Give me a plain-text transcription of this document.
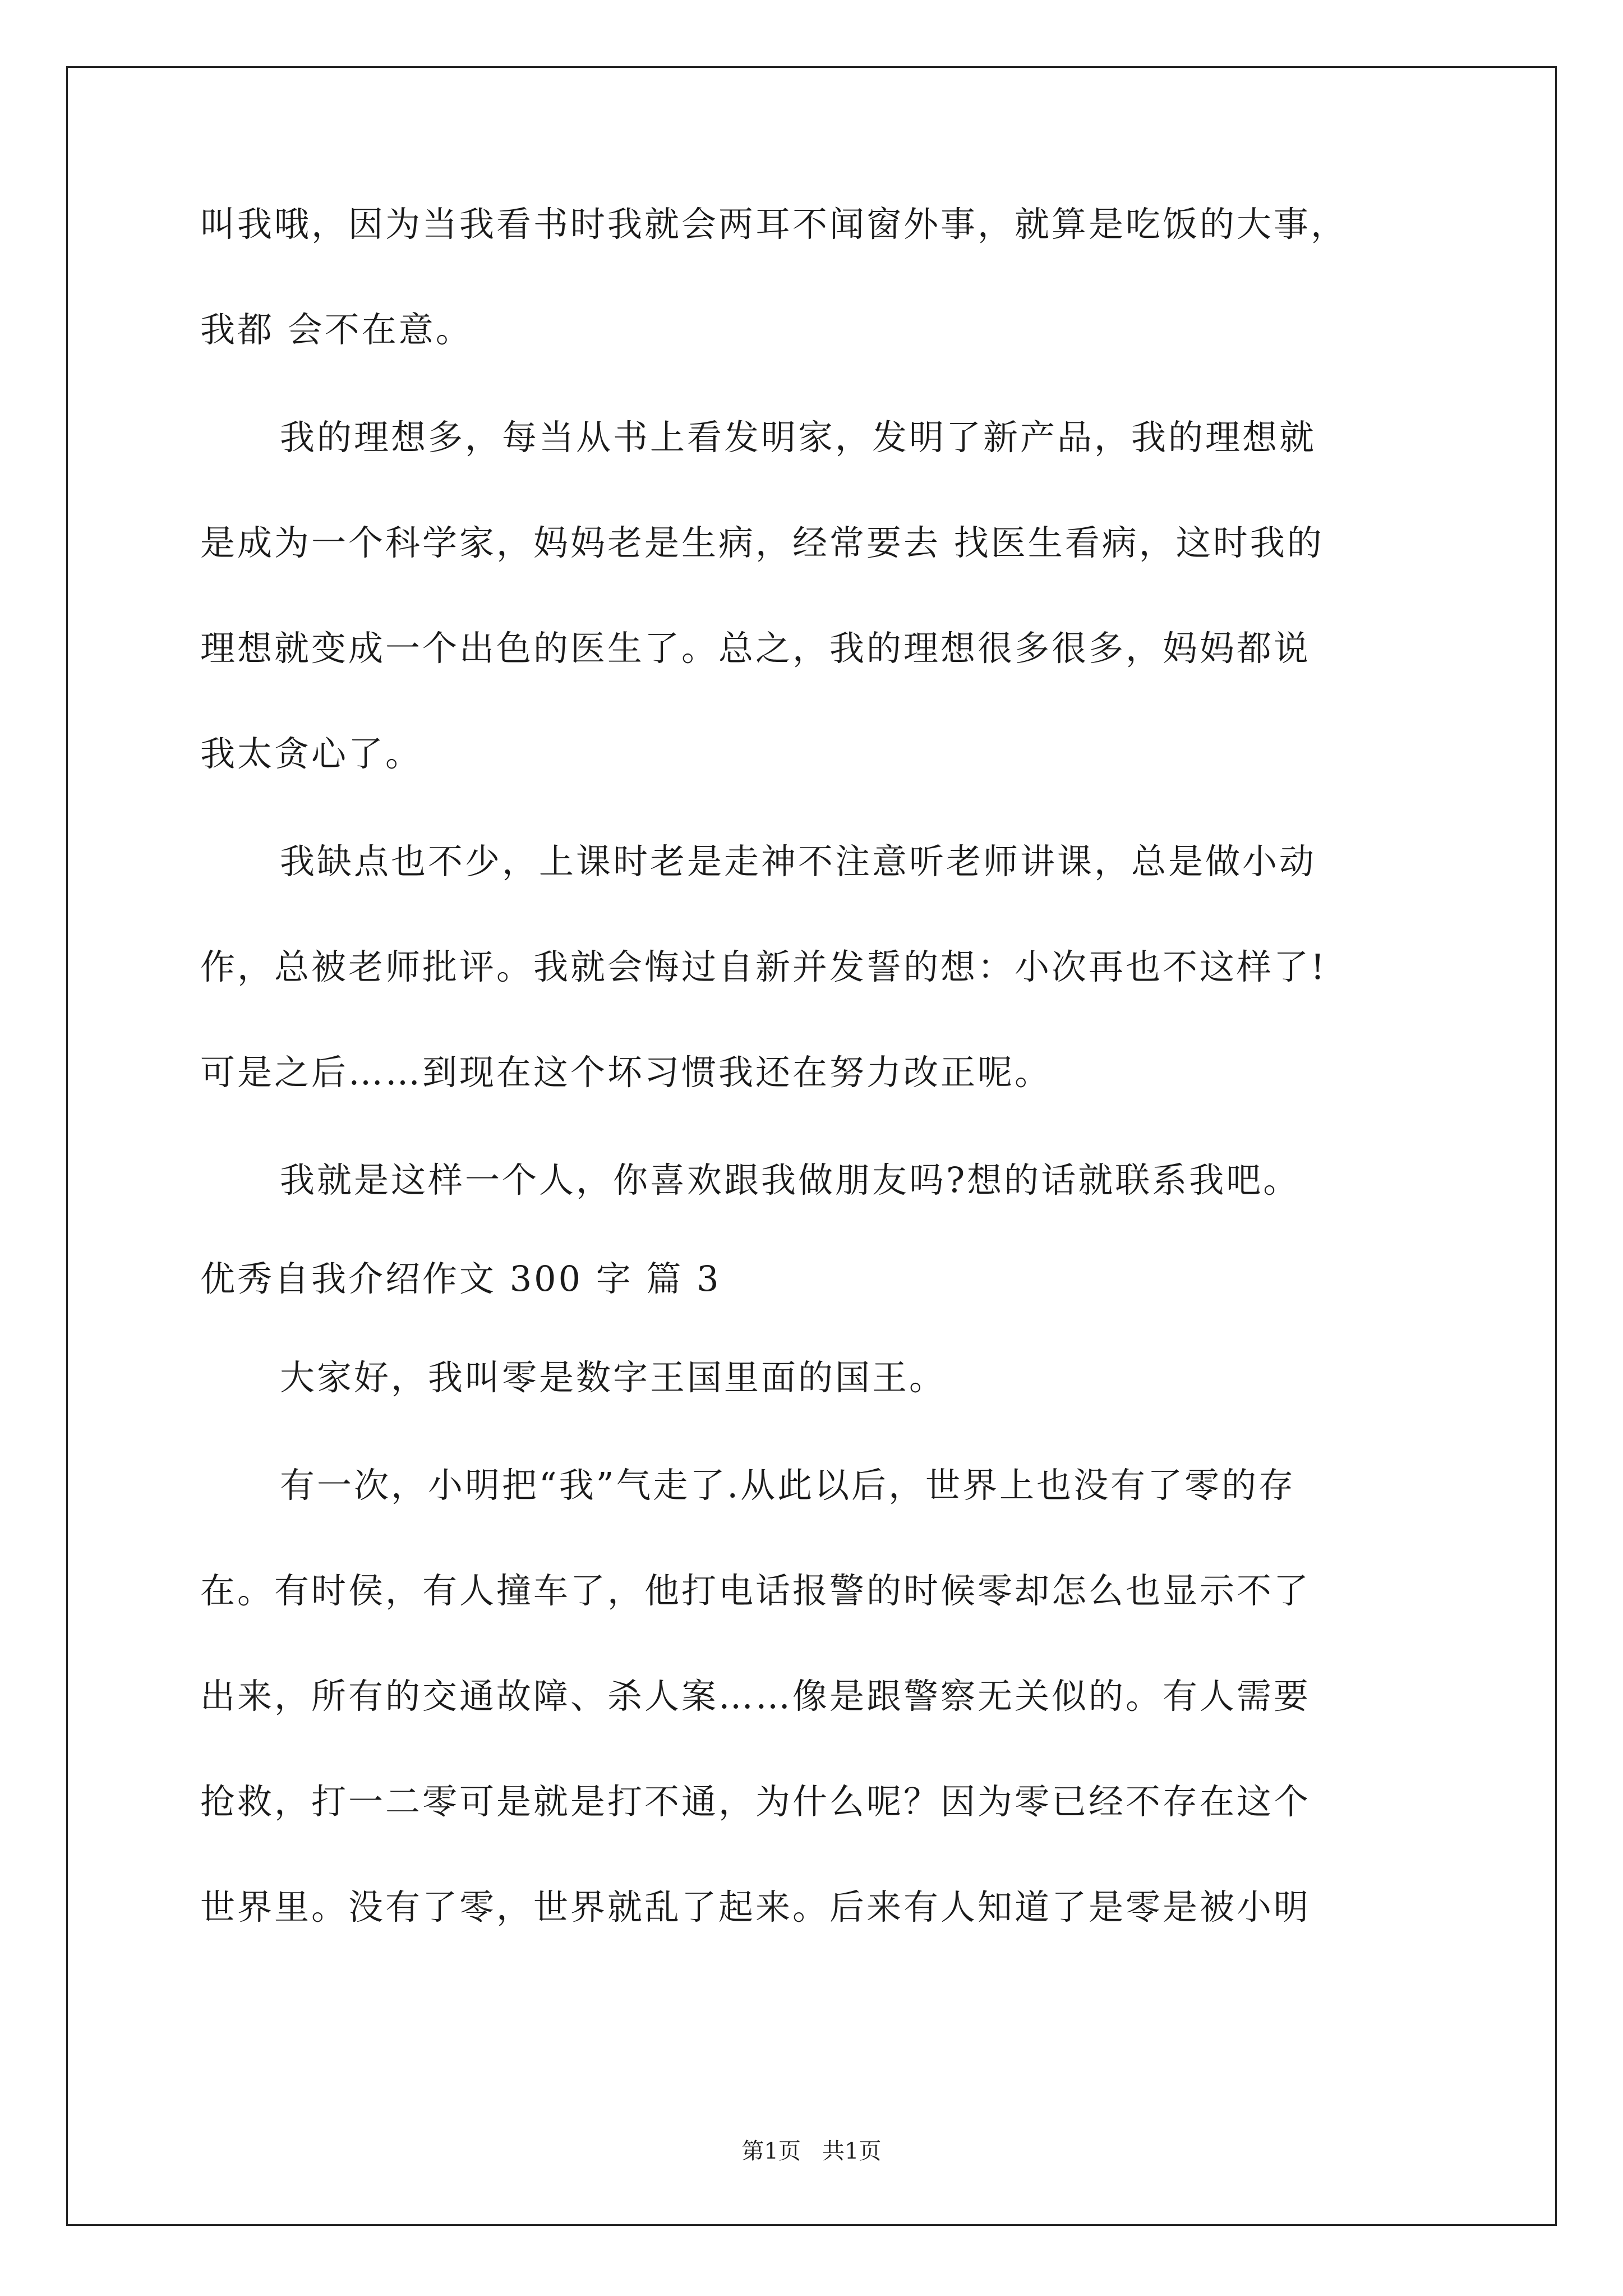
叫我哦，因为当我看书时我就会两耳不闻窗外事，就算是吃饭的大事，
我都 会不在意。
我的理想多，每当从书上看发明家，发明了新产品，我的理想就
是成为一个科学家，妈妈老是生病，经常要去 找医生看病，这时我的
理想就变成一个出色的医生了。总之，我的理想很多很多，妈妈都说
我太贪心了。
我缺点也不少，上课时老是走神不注意听老师讲课，总是做小动
作，总被老师批评。我就会悔过自新并发誓的想：小次再也不这样了!
可是之后……到现在这个坏习惯我还在努力改正呢。
我就是这样一个人，你喜欢跟我做朋友吗?想的话就联系我吧。
优秀自我介绍作文 300 字 篇 3
大家好，我叫零是数字王国里面的国王。
有一次，小明把“我”气走了.从此以后，世界上也没有了零的存
在。有时侯，有人撞车了，他打电话报警的时候零却怎么也显示不了
出来，所有的交通故障、杀人案……像是跟警察无关似的。有人需要
抢救，打一二零可是就是打不通，为什么呢？因为零已经不存在这个
世界里。没有了零，世界就乱了起来。后来有人知道了是零是被小明
第1页 共1页
